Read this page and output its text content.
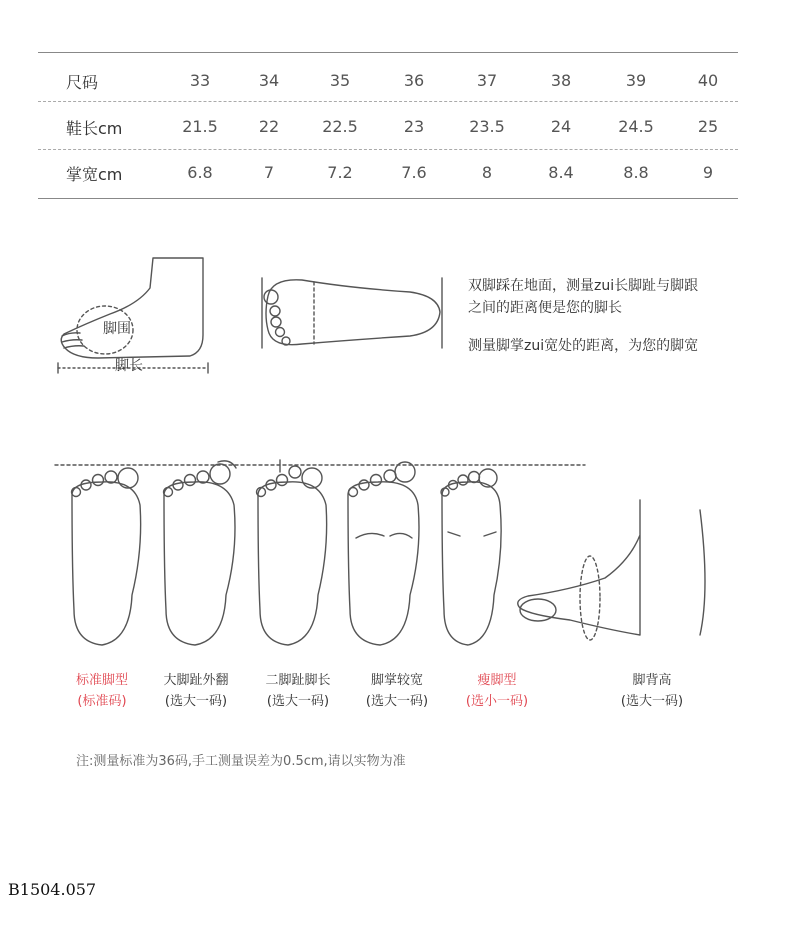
尺码	33	34	35	36	37	38	39	40
鞋长cm	21.5	22	22.5	23	23.5	24	24.5	25
掌宽cm	6.8	7	7.2	7.6	8	8.4	8.8	9
脚围
脚长
双脚踩在地面，测量zui长脚趾与脚跟
之间的距离便是您的脚长
测量脚掌zui宽处的距离，为您的脚宽
标准脚型
(标准码)
大脚趾外翻
(选大一码)
二脚趾脚长
(选大一码)
脚掌较宽
(选大一码)
瘦脚型
(选小一码)
脚背高
(选大一码)
注:测量标准为36码,手工测量误差为0.5cm,请以实物为准
B1504.057
